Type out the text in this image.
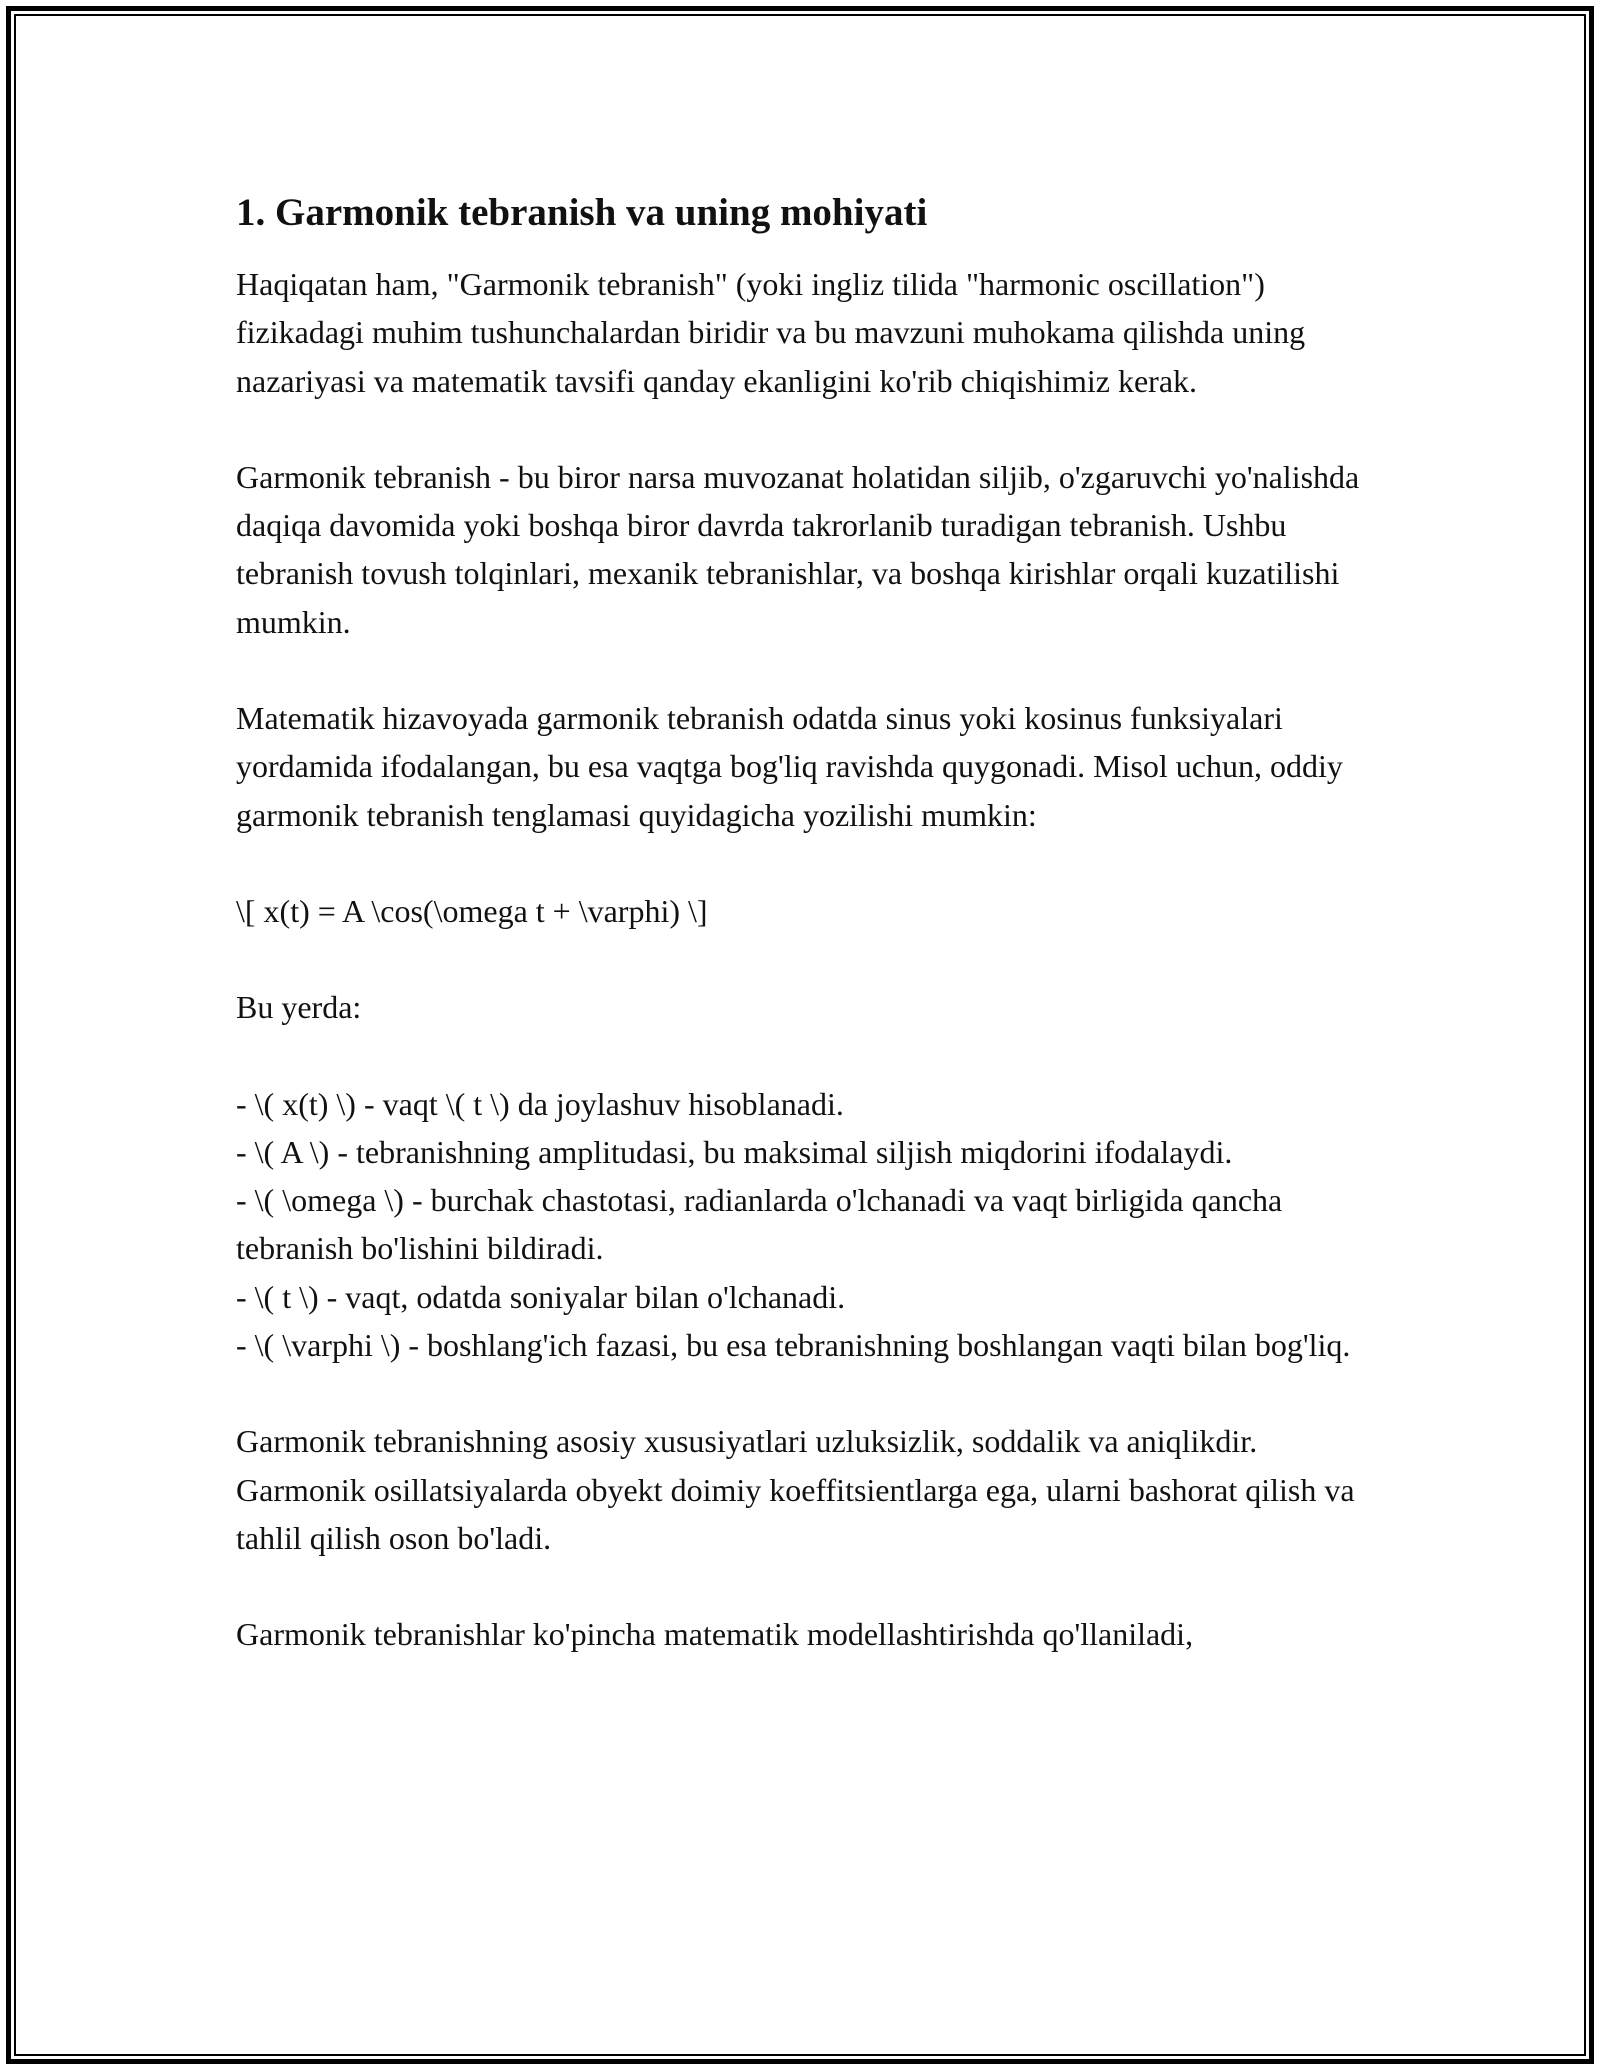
1. Garmonik tebranish va uning mohiyati

Haqiqatan ham, "Garmonik tebranish" (yoki ingliz tilida "harmonic oscillation") fizikadagi muhim tushunchalardan biridir va bu mavzuni muhokama qilishda uning nazariyasi va matematik tavsifi qanday ekanligini ko'rib chiqishimiz kerak.

Garmonik tebranish - bu biror narsa muvozanat holatidan siljib, o'zgaruvchi yo'nalishda daqiqa davomida yoki boshqa biror davrda takrorlanib turadigan tebranish. Ushbu tebranish tovush tolqinlari, mexanik tebranishlar, va boshqa kirishlar orqali kuzatilishi mumkin.

Matematik hizavoyada garmonik tebranish odatda sinus yoki kosinus funksiyalari yordamida ifodalangan, bu esa vaqtga bog'liq ravishda quygonadi. Misol uchun, oddiy garmonik tebranish tenglamasi quyidagicha yozilishi mumkin:

\[ x(t) = A \cos(\omega t + \varphi) \]

Bu yerda:

- \( x(t) \) - vaqt \( t \) da joylashuv hisoblanadi.
- \( A \) - tebranishning amplitudasi, bu maksimal siljish miqdorini ifodalaydi.
- \( \omega \) - burchak chastotasi, radianlarda o'lchanadi va vaqt birligida qancha tebranish bo'lishini bildiradi.
- \( t \) - vaqt, odatda soniyalar bilan o'lchanadi.
- \( \varphi \) - boshlang'ich fazasi, bu esa tebranishning boshlangan vaqti bilan bog'liq.

Garmonik tebranishning asosiy xususiyatlari uzluksizlik, soddalik va aniqlikdir. Garmonik osillatsiyalarda obyekt doimiy koeffitsientlarga ega, ularni bashorat qilish va tahlil qilish oson bo'ladi.

Garmonik tebranishlar ko'pincha matematik modellashtirishda qo'llaniladi,
